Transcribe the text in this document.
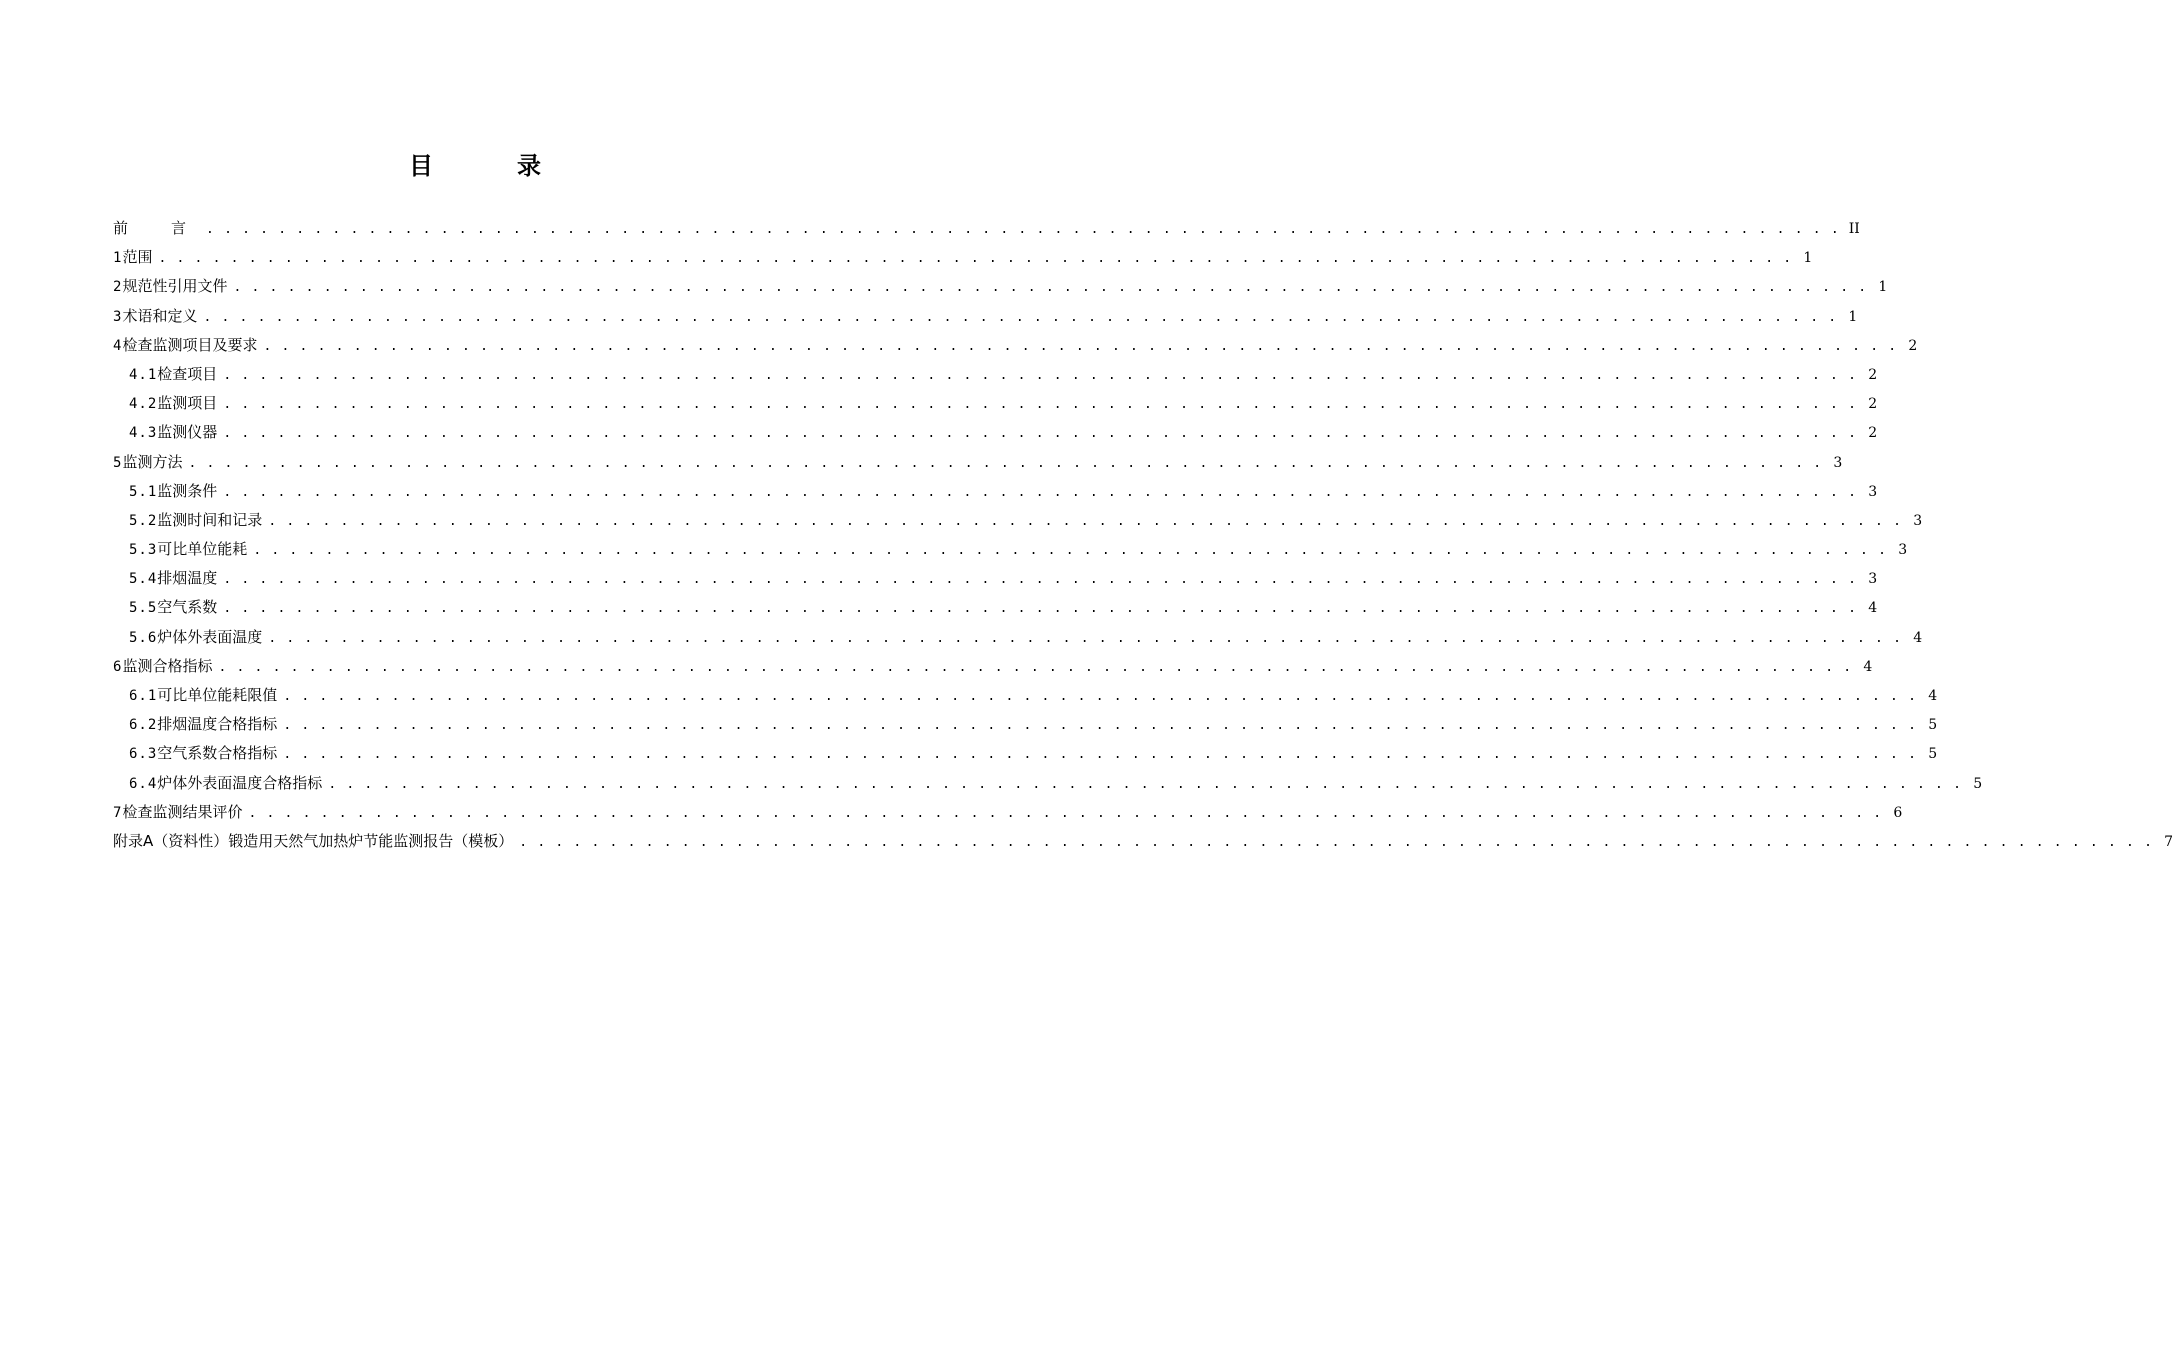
目　录
前　言 . . . . . . . . . . . . . . . . . . . . . . . . . . . . . . . . . . . . . . . . . . . . . . . . . . . . . . . . . . . . . . . . . . . . . . . . . . . . . . . . . . . . . . . . . . . II
1 范围 . . . . . . . . . . . . . . . . . . . . . . . . . . . . . . . . . . . . . . . . . . . . . . . . . . . . . . . . . . . . . . . . . . . . . . . . . . . . . . . . . . . . . . . . . . . 1
2 规范性引用文件 . . . . . . . . . . . . . . . . . . . . . . . . . . . . . . . . . . . . . . . . . . . . . . . . . . . . . . . . . . . . . . . . . . . . . . . . . . . . . . . . . . . . . . . . . . . 1
3 术语和定义 . . . . . . . . . . . . . . . . . . . . . . . . . . . . . . . . . . . . . . . . . . . . . . . . . . . . . . . . . . . . . . . . . . . . . . . . . . . . . . . . . . . . . . . . . . . 1
4 检查监测项目及要求 . . . . . . . . . . . . . . . . . . . . . . . . . . . . . . . . . . . . . . . . . . . . . . . . . . . . . . . . . . . . . . . . . . . . . . . . . . . . . . . . . . . . . . . . . . . 2
4.1 检查项目 . . . . . . . . . . . . . . . . . . . . . . . . . . . . . . . . . . . . . . . . . . . . . . . . . . . . . . . . . . . . . . . . . . . . . . . . . . . . . . . . . . . . . . . . . . . 2
4.2 监测项目 . . . . . . . . . . . . . . . . . . . . . . . . . . . . . . . . . . . . . . . . . . . . . . . . . . . . . . . . . . . . . . . . . . . . . . . . . . . . . . . . . . . . . . . . . . . 2
4.3 监测仪器 . . . . . . . . . . . . . . . . . . . . . . . . . . . . . . . . . . . . . . . . . . . . . . . . . . . . . . . . . . . . . . . . . . . . . . . . . . . . . . . . . . . . . . . . . . . 2
5 监测方法 . . . . . . . . . . . . . . . . . . . . . . . . . . . . . . . . . . . . . . . . . . . . . . . . . . . . . . . . . . . . . . . . . . . . . . . . . . . . . . . . . . . . . . . . . . . 3
5.1 监测条件 . . . . . . . . . . . . . . . . . . . . . . . . . . . . . . . . . . . . . . . . . . . . . . . . . . . . . . . . . . . . . . . . . . . . . . . . . . . . . . . . . . . . . . . . . . . 3
5.2 监测时间和记录 . . . . . . . . . . . . . . . . . . . . . . . . . . . . . . . . . . . . . . . . . . . . . . . . . . . . . . . . . . . . . . . . . . . . . . . . . . . . . . . . . . . . . . . . . . . 3
5.3 可比单位能耗 . . . . . . . . . . . . . . . . . . . . . . . . . . . . . . . . . . . . . . . . . . . . . . . . . . . . . . . . . . . . . . . . . . . . . . . . . . . . . . . . . . . . . . . . . . . 3
5.4 排烟温度 . . . . . . . . . . . . . . . . . . . . . . . . . . . . . . . . . . . . . . . . . . . . . . . . . . . . . . . . . . . . . . . . . . . . . . . . . . . . . . . . . . . . . . . . . . . 3
5.5 空气系数 . . . . . . . . . . . . . . . . . . . . . . . . . . . . . . . . . . . . . . . . . . . . . . . . . . . . . . . . . . . . . . . . . . . . . . . . . . . . . . . . . . . . . . . . . . . 4
5.6 炉体外表面温度 . . . . . . . . . . . . . . . . . . . . . . . . . . . . . . . . . . . . . . . . . . . . . . . . . . . . . . . . . . . . . . . . . . . . . . . . . . . . . . . . . . . . . . . . . . . 4
6 监测合格指标 . . . . . . . . . . . . . . . . . . . . . . . . . . . . . . . . . . . . . . . . . . . . . . . . . . . . . . . . . . . . . . . . . . . . . . . . . . . . . . . . . . . . . . . . . . . 4
6.1 可比单位能耗限值 . . . . . . . . . . . . . . . . . . . . . . . . . . . . . . . . . . . . . . . . . . . . . . . . . . . . . . . . . . . . . . . . . . . . . . . . . . . . . . . . . . . . . . . . . . . 4
6.2 排烟温度合格指标 . . . . . . . . . . . . . . . . . . . . . . . . . . . . . . . . . . . . . . . . . . . . . . . . . . . . . . . . . . . . . . . . . . . . . . . . . . . . . . . . . . . . . . . . . . . 5
6.3 空气系数合格指标 . . . . . . . . . . . . . . . . . . . . . . . . . . . . . . . . . . . . . . . . . . . . . . . . . . . . . . . . . . . . . . . . . . . . . . . . . . . . . . . . . . . . . . . . . . . 5
6.4 炉体外表面温度合格指标 . . . . . . . . . . . . . . . . . . . . . . . . . . . . . . . . . . . . . . . . . . . . . . . . . . . . . . . . . . . . . . . . . . . . . . . . . . . . . . . . . . . . . . . . . . . 5
7 检查监测结果评价 . . . . . . . . . . . . . . . . . . . . . . . . . . . . . . . . . . . . . . . . . . . . . . . . . . . . . . . . . . . . . . . . . . . . . . . . . . . . . . . . . . . . . . . . . . . 6
附录A（资料性）锻造用天然气加热炉节能监测报告（模板） . . . . . . . . . . . . . . . . . . . . . . . . . . . . . . . . . . . . . . . . . . . . . . . . . . . . . . . . . . . . . . . . . . . . . . . . . . . . . . . . . . . . . . . . . . . 7
